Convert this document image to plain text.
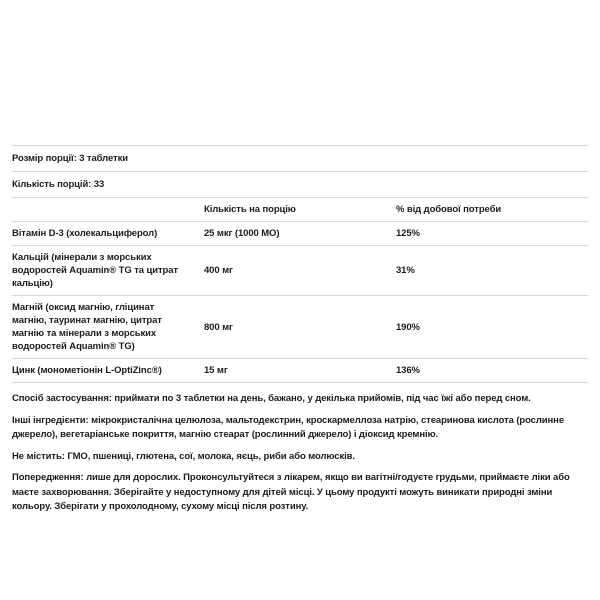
Розмір порції: 3 таблетки		
Кількість порцій: 33		
	Кількість на порцію	% від добової потреби
Вітамін D-3 (холекальциферол)	25 мкг (1000 МО)	125%
Кальцій (мінерали з морських водоростей Aquamin® TG та цитрат кальцію)	400 мг	31%
Магній (оксид магнію, гліцинат магнію, тауринат магнію, цитрат магнію та мінерали з морських водоростей Aquamin® TG)	800 мг	190%
Цинк (монометіонін L-OptiZinc®)	15 мг	136%

Спосіб застосування: приймати по 3 таблетки на день, бажано, у декілька прийомів, під час їжі або перед сном.

Інші інгредієнти: мікрокристалічна целюлоза, мальтодекстрин, кроскармеллоза натрію, стеаринова кислота (рослинне джерело), вегетаріанське покриття, магнію стеарат (рослинний джерело) і діоксид кремнію.

Не містить: ГМО, пшениці, глютена, сої, молока, яєць, риби або молюсків.

Попередження: лише для дорослих. Проконсультуйтеся з лікарем, якщо ви вагітні/годуєте грудьми, приймаєте ліки або маєте захворювання. Зберігайте у недоступному для дітей місці. У цьому продукті можуть виникати природні зміни кольору. Зберігати у прохолодному, сухому місці після розтину.
